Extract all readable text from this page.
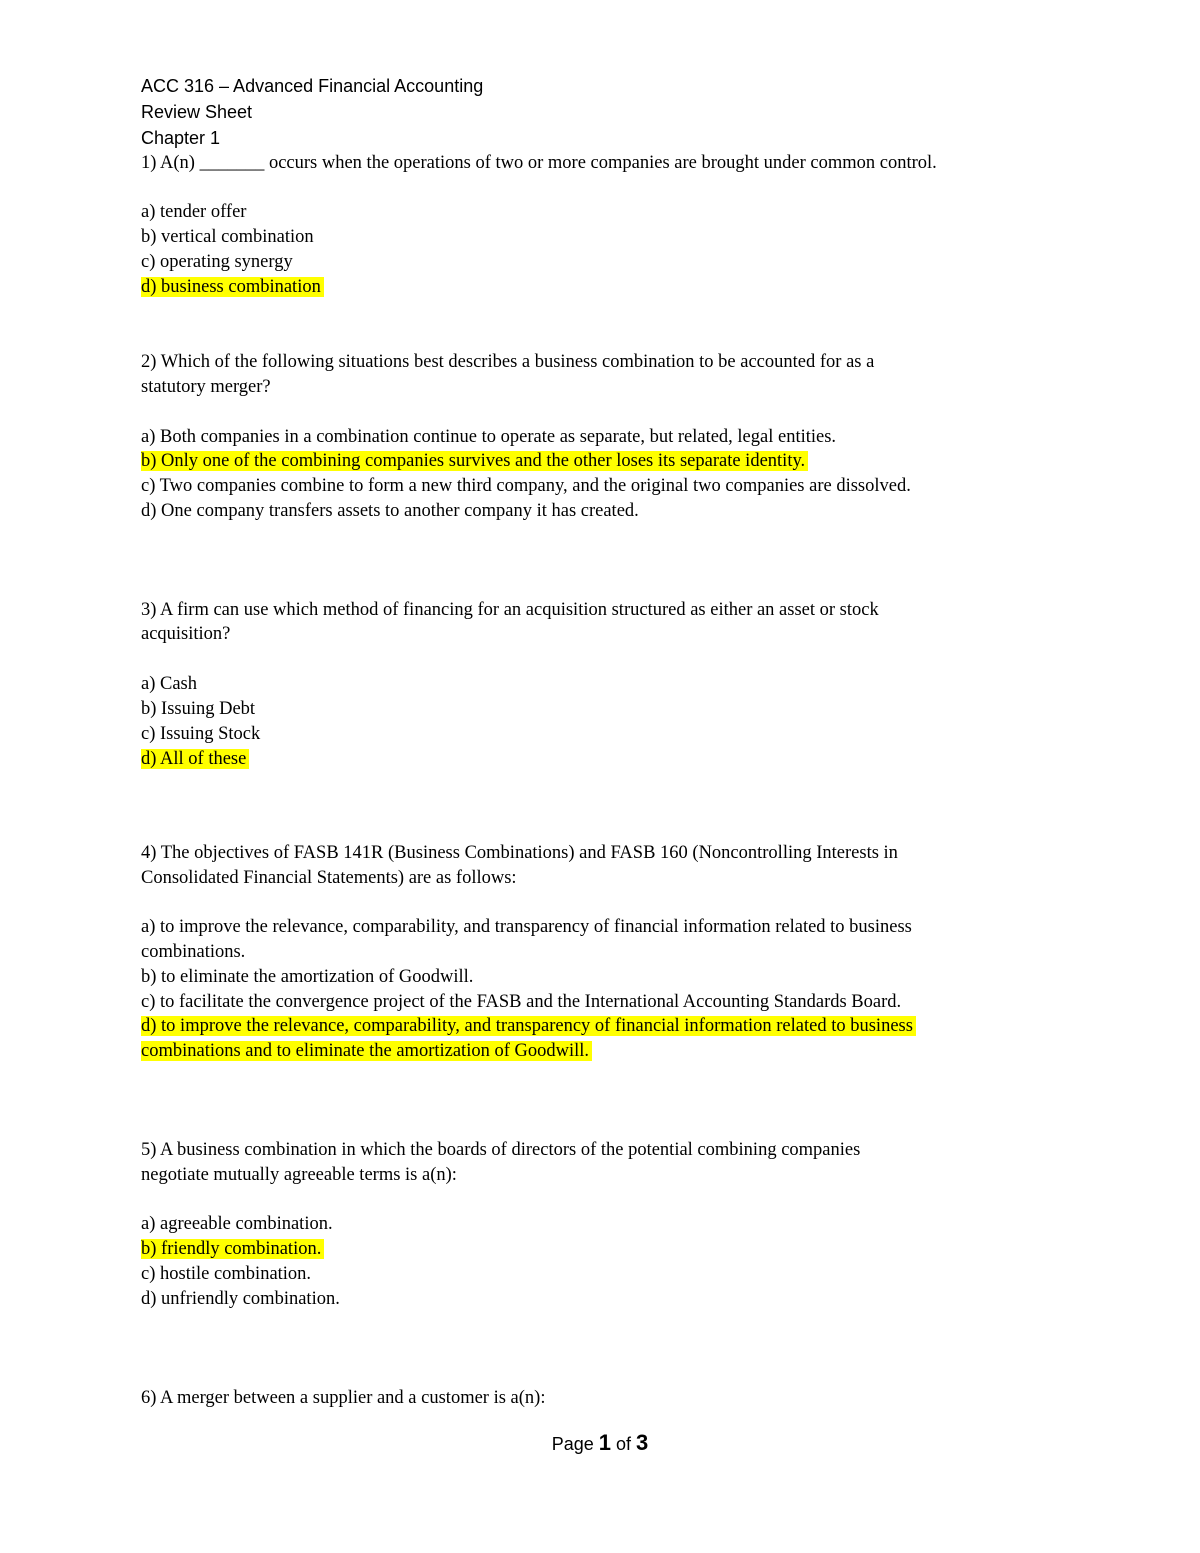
ACC 316 – Advanced Financial Accounting
Review Sheet
Chapter 1
1) A(n) _______ occurs when the operations of two or more companies are brought under common control.
a) tender offer
b) vertical combination
c) operating synergy
d) business combination
2) Which of the following situations best describes a business combination to be accounted for as a
statutory merger?
a) Both companies in a combination continue to operate as separate, but related, legal entities.
b) Only one of the combining companies survives and the other loses its separate identity.
c) Two companies combine to form a new third company, and the original two companies are dissolved.
d) One company transfers assets to another company it has created.
3) A firm can use which method of financing for an acquisition structured as either an asset or stock
acquisition?
a) Cash
b) Issuing Debt
c) Issuing Stock
d) All of these
4) The objectives of FASB 141R (Business Combinations) and FASB 160 (Noncontrolling Interests in
Consolidated Financial Statements) are as follows:
a) to improve the relevance, comparability, and transparency of financial information related to business
combinations.
b) to eliminate the amortization of Goodwill.
c) to facilitate the convergence project of the FASB and the International Accounting Standards Board.
d) to improve the relevance, comparability, and transparency of financial information related to business
combinations and to eliminate the amortization of Goodwill.
5) A business combination in which the boards of directors of the potential combining companies
negotiate mutually agreeable terms is a(n):
a) agreeable combination.
b) friendly combination.
c) hostile combination.
d) unfriendly combination.
6) A merger between a supplier and a customer is a(n):
Page 1 of 3
